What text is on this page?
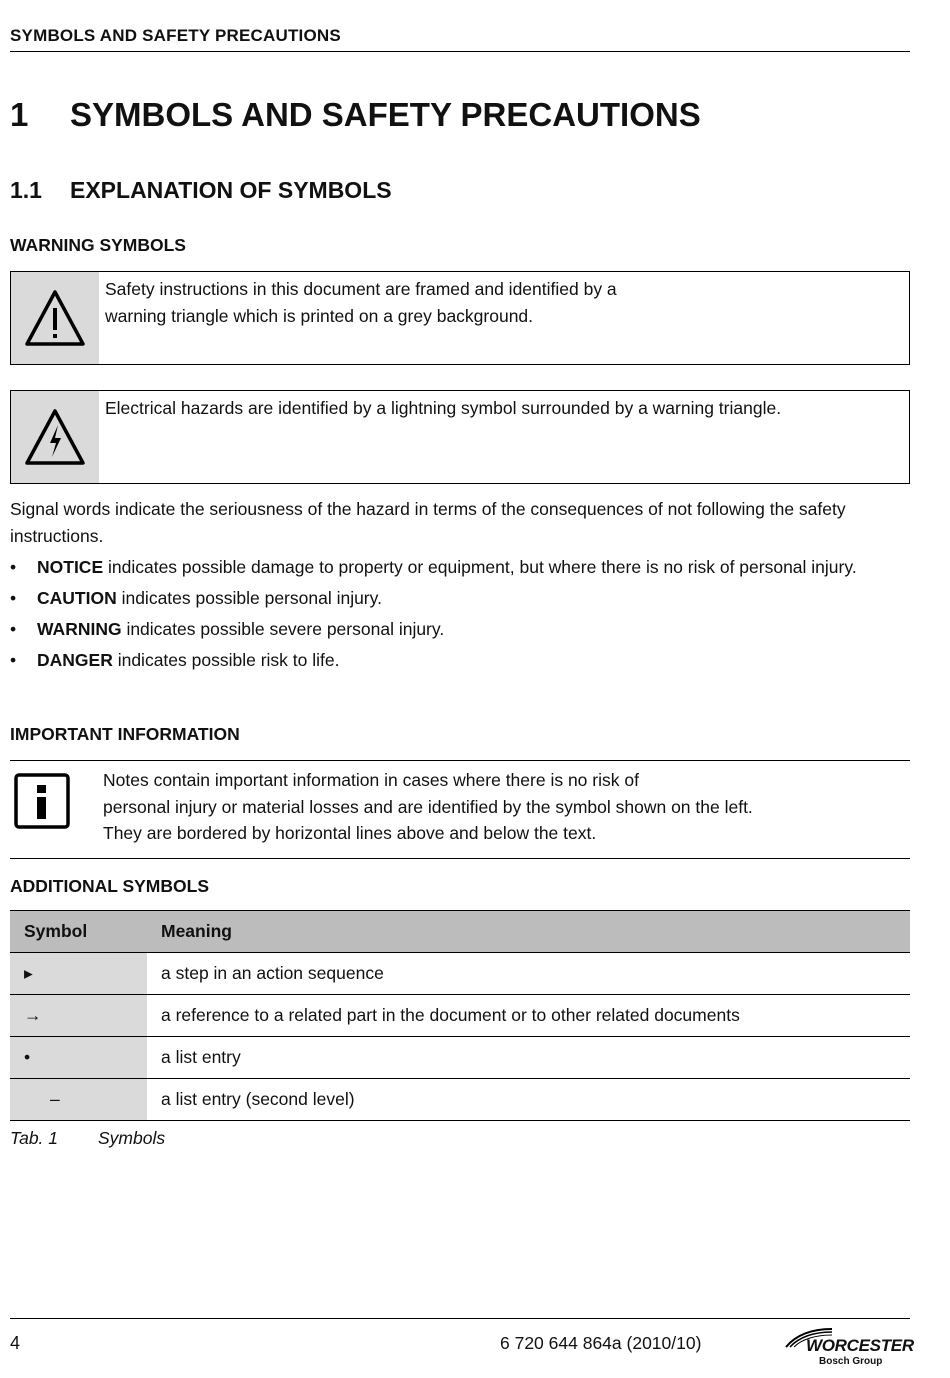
SYMBOLS AND SAFETY PRECAUTIONS
1 SYMBOLS AND SAFETY PRECAUTIONS
1.1 EXPLANATION OF SYMBOLS
WARNING SYMBOLS
Safety instructions in this document are framed and identified by a
warning triangle which is printed on a grey background.
Electrical hazards are identified by a lightning symbol surrounded by a warning triangle.
Signal words indicate the seriousness of the hazard in terms of the consequences of not following the safety instructions.
• NOTICE indicates possible damage to property or equipment, but where there is no risk of personal injury.
• CAUTION indicates possible personal injury.
• WARNING indicates possible severe personal injury.
• DANGER indicates possible risk to life.
IMPORTANT INFORMATION
Notes contain important information in cases where there is no risk of
personal injury or material losses and are identified by the symbol shown on the left.
They are bordered by horizontal lines above and below the text.
ADDITIONAL SYMBOLS
Symbol	Meaning
▸	a step in an action sequence
→	a reference to a related part in the document or to other related documents
•	a list entry
–	a list entry (second level)
Tab. 1 Symbols
4	6 720 644 864a (2010/10)	WORCESTER
Bosch Group
